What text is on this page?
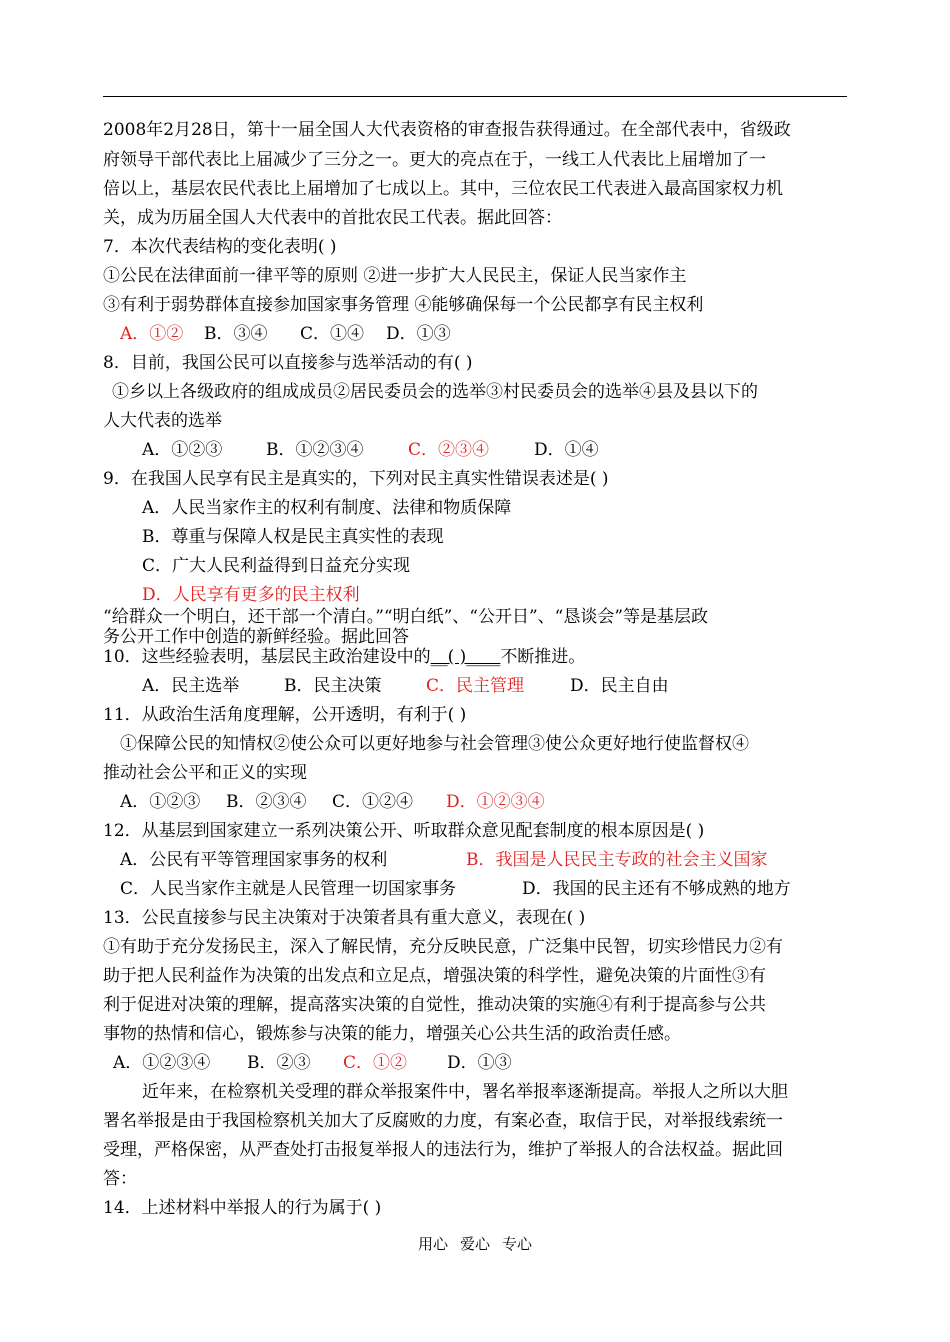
2008年2月28日，第十一届全国人大代表资格的审查报告获得通过。在全部代表中，省级政
府领导干部代表比上届减少了三分之一。更大的亮点在于，一线工人代表比上届增加了一
倍以上，基层农民代表比上届增加了七成以上。其中，三位农民工代表进入最高国家权力机
关，成为历届全国人大代表中的首批农民工代表。据此回答：
7．本次代表结构的变化表明( )
①公民在法律面前一律平等的原则 ②进一步扩大人民民主，保证人民当家作主
③有利于弱势群体直接参加国家事务管理 ④能够确保每一个公民都享有民主权利
A．①② B．③④ C．①④ D．①③
8．目前，我国公民可以直接参与选举活动的有( )
①乡以上各级政府的组成成员②居民委员会的选举③村民委员会的选举④县及县以下的
人大代表的选举
A．①②③	B．①②③④	C．②③④	D．①④
9．在我国人民享有民主是真实的，下列对民主真实性错误表述是( )
A．人民当家作主的权利有制度、法律和物质保障
B．尊重与保障人权是民主真实性的表现
C．广大人民利益得到日益充分实现
D．人民享有更多的民主权利
“给群众一个明白，还干部一个清白。”“明白纸”、“公开日”、“恳谈会”等是基层政
务公开工作中创造的新鲜经验。据此回答
10．这些经验表明，基层民主政治建设中的__( )____不断推进。
A．民主选举	B．民主决策	C．民主管理	D．民主自由
11．从政治生活角度理解，公开透明，有利于( )
①保障公民的知情权②使公众可以更好地参与社会管理③使公众更好地行使监督权④
推动社会公平和正义的实现
A．①②③ B．②③④ C．①②④ D．①②③④
12．从基层到国家建立一系列决策公开、听取群众意见配套制度的根本原因是( )
A．公民有平等管理国家事务的权利	B．我国是人民民主专政的社会主义国家
C．人民当家作主就是人民管理一切国家事务	D．我国的民主还有不够成熟的地方
13．公民直接参与民主决策对于决策者具有重大意义，表现在( )
①有助于充分发扬民主，深入了解民情，充分反映民意，广泛集中民智，切实珍惜民力②有
助于把人民利益作为决策的出发点和立足点，增强决策的科学性，避免决策的片面性③有
利于促进对决策的理解，提高落实决策的自觉性，推动决策的实施④有利于提高参与公共
事物的热情和信心，锻炼参与决策的能力，增强关心公共生活的政治责任感。
A．①②③④ B．②③ C．①② D．①③
近年来，在检察机关受理的群众举报案件中，署名举报率逐渐提高。举报人之所以大胆
署名举报是由于我国检察机关加大了反腐败的力度，有案必查，取信于民，对举报线索统一
受理，严格保密，从严查处打击报复举报人的违法行为，维护了举报人的合法权益。据此回
答：
14．上述材料中举报人的行为属于( )
用心 爱心 专心
